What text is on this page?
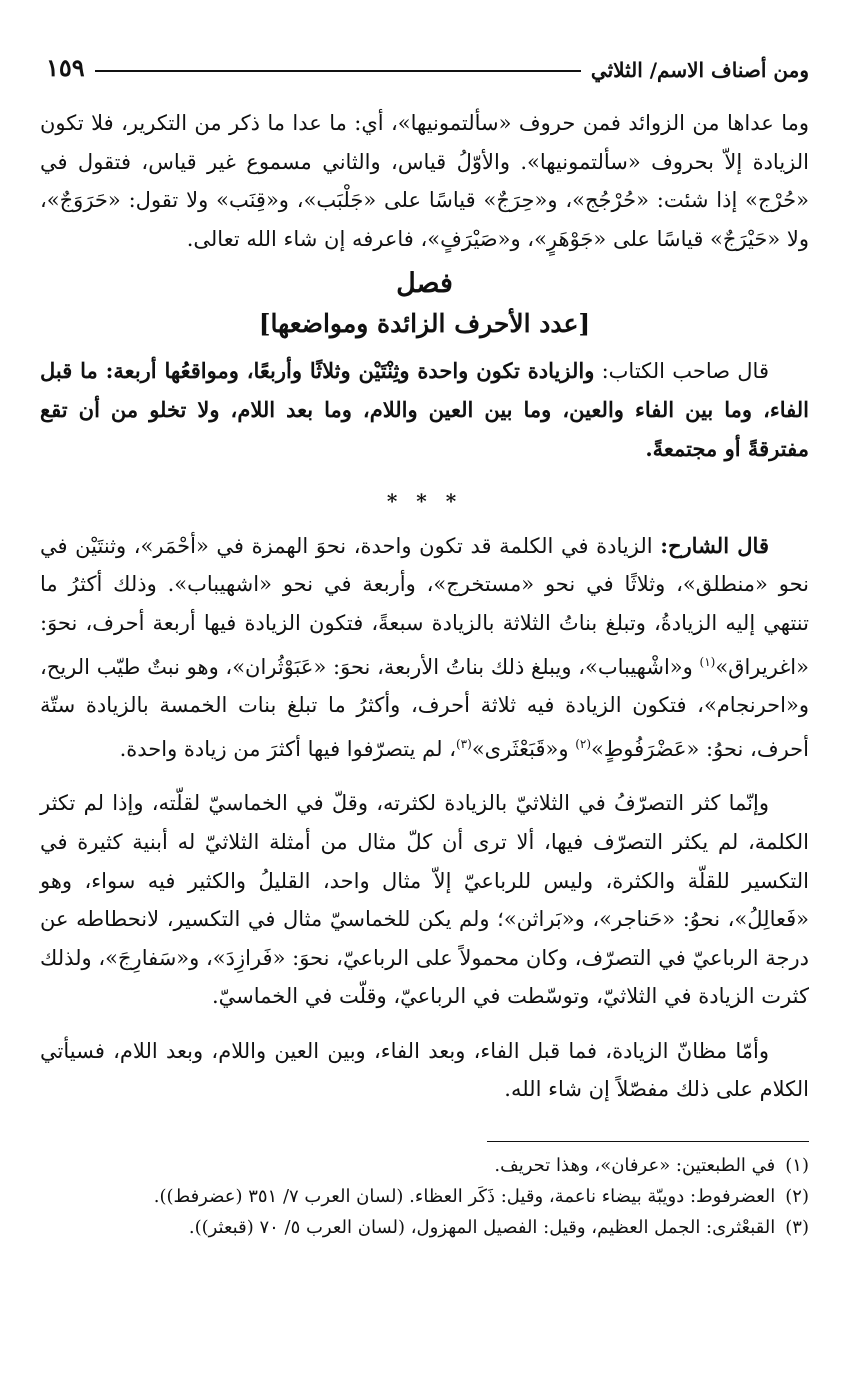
ومن أصناف الاسم/ الثلاثي
١٥٩

وما عداها من الزوائد فمن حروف «سألتمونيها»، أي: ما عدا ما ذكر من التكرير، فلا تكون الزيادة إلاّ بحروف «سألتمونيها». والأوّلُ قياس، والثاني مسموع غير قياس، فتقول في «حُرْج» إذا شئت: «حُرْجُج»، و«حِرَجٌ» قياسًا على «جَلْبَب»، و«قِنَب» ولا تقول: «حَرَوَجٌ»، ولا «حَيْرَجٌ» قياسًا على «جَوْهَرٍ»، و«صَيْرَفٍ»، فاعرفه إن شاء الله تعالى.

فصل
[عدد الأحرف الزائدة ومواضعها]

قال صاحب الكتاب: والزيادة تكون واحدة وثِنْتَيْن وثلاثًا وأربعًا، ومواقعُها أربعة: ما قبل الفاء، وما بين الفاء والعين، وما بين العين واللام، وما بعد اللام، ولا تخلو من أن تقع مفترقةً أو مجتمعةً.

* * *

قال الشارح: الزيادة في الكلمة قد تكون واحدة، نحوَ الهمزة في «أحْمَر»، وثنتَيْن في نحو «منطلق»، وثلاثًا في نحو «مستخرج»، وأربعة في نحو «اشهيباب». وذلك أكثرُ ما تنتهي إليه الزيادةُ، وتبلغ بناتُ الثلاثة بالزيادة سبعةً، فتكون الزيادة فيها أربعة أحرف، نحوَ: «اغريراق»$^{(١)}$ و«اشْهيباب»، ويبلغ ذلك بناتُ الأربعة، نحوَ: «عَبَوْثُران»، وهو نبتٌ طيّب الريح، و«احرنجام»، فتكون الزيادة فيه ثلاثة أحرف، وأكثرُ ما تبلغ بنات الخمسة بالزيادة ستّة أحرف، نحوُ: «عَضْرَفُوطٍ»$^{(٢)}$ و«قَبَعْثَرى»$^{(٣)}$، لم يتصرّفوا فيها أكثرَ من زيادة واحدة.

وإنّما كثر التصرّفُ في الثلاثيّ بالزيادة لكثرته، وقلّ في الخماسيّ لقلّته، وإذا لم تكثر الكلمة، لم يكثر التصرّف فيها، ألا ترى أن كلّ مثال من أمثلة الثلاثيّ له أبنية كثيرة في التكسير للقلّة والكثرة، وليس للرباعيّ إلاّ مثال واحد، القليلُ والكثير فيه سواء، وهو «فَعالِلُ»، نحوُ: «حَناجر»، و«بَراثن»؛ ولم يكن للخماسيّ مثال في التكسير، لانحطاطه عن درجة الرباعيّ في التصرّف، وكان محمولاً على الرباعيّ، نحوَ: «فَرازِدَ»، و«سَفارِجَ»، ولذلك كثرت الزيادة في الثلاثيّ، وتوسّطت في الرباعيّ، وقلّت في الخماسيّ.

وأمّا مظانّ الزيادة، فما قبل الفاء، وبعد الفاء، وبين العين واللام، وبعد اللام، فسيأتي الكلام على ذلك مفصّلاً إن شاء الله.

(١)
في الطبعتين: «عرفان»، وهذا تحريف.
(٢)
العضرفوط: دويبّة بيضاء ناعمة، وقيل: ذَكَر العظاء. (لسان العرب ٧/ ٣٥١ (عضرفط)).
(٣)
القبعْثرى: الجمل العظيم، وقيل: الفصيل المهزول، (لسان العرب ٥/ ٧٠ (قبعثر)).
